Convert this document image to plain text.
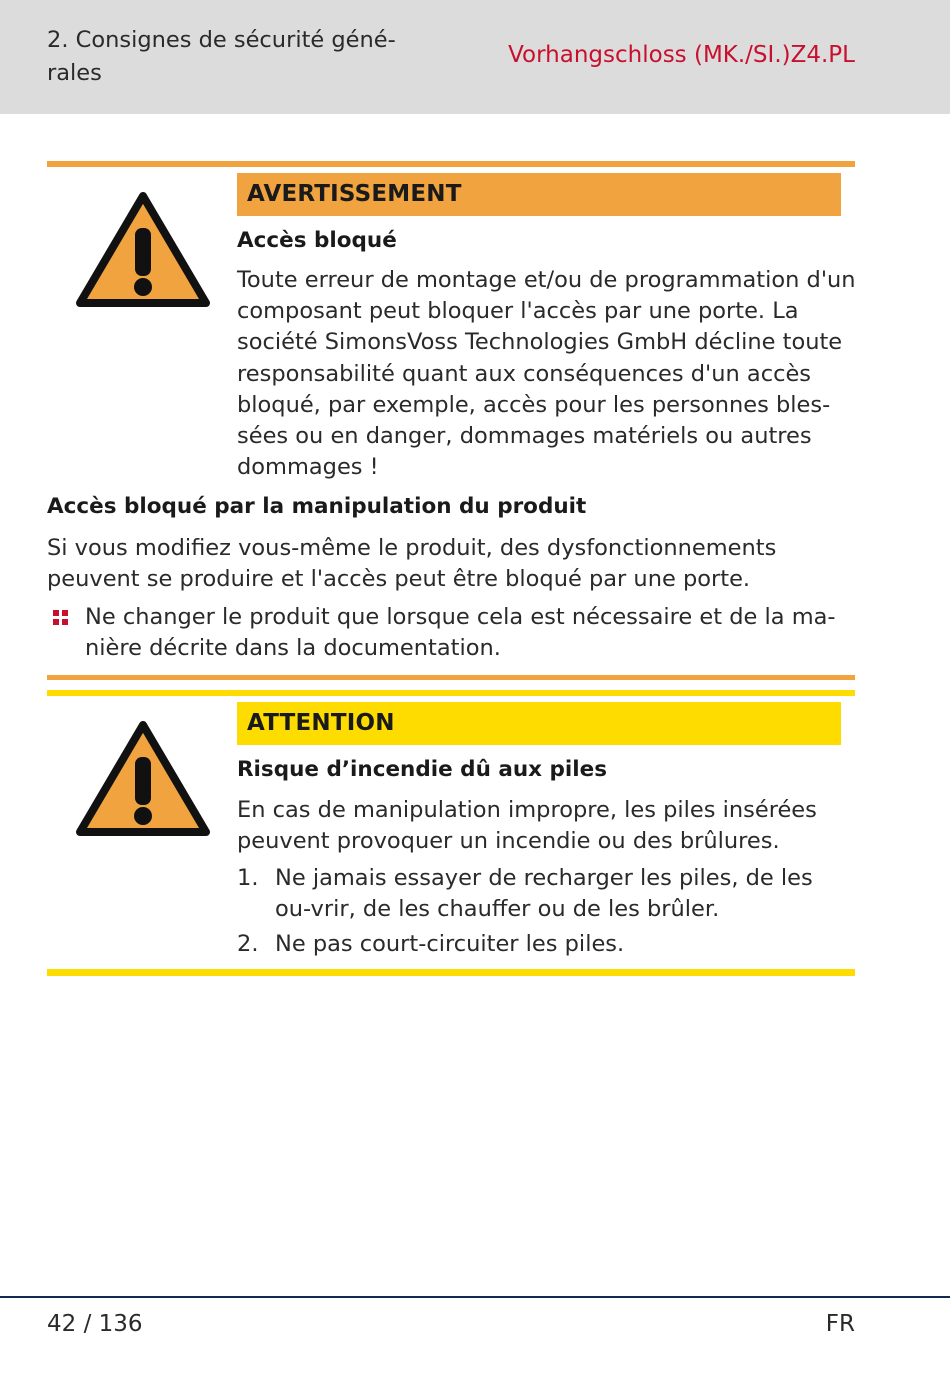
2. Consignes de sécurité géné-
rales
Vorhangschloss (MK./SI.)Z4.PL
AVERTISSEMENT
Accès bloqué

Toute erreur de montage et/ou de programmation d'un composant peut bloquer l'accès par une porte. La société SimonsVoss Technologies GmbH décline toute responsabilité quant aux conséquences d'un accès bloqué, par exemple, accès pour les personnes bles-sées ou en danger, dommages matériels ou autres dommages !

Accès bloqué par la manipulation du produit

Si vous modifiez vous-même le produit, des dysfonctionnements peuvent se produire et l'accès peut être bloqué par une porte.

Ne changer le produit que lorsque cela est nécessaire et de la ma-nière décrite dans la documentation.

ATTENTION
Risque d’incendie dû aux piles

En cas de manipulation impropre, les piles insérées peuvent provoquer un incendie ou des brûlures.

1. Ne jamais essayer de recharger les piles, de les ou-vrir, de les chauffer ou de les brûler.

2. Ne pas court-circuiter les piles.

42 / 136	FR
